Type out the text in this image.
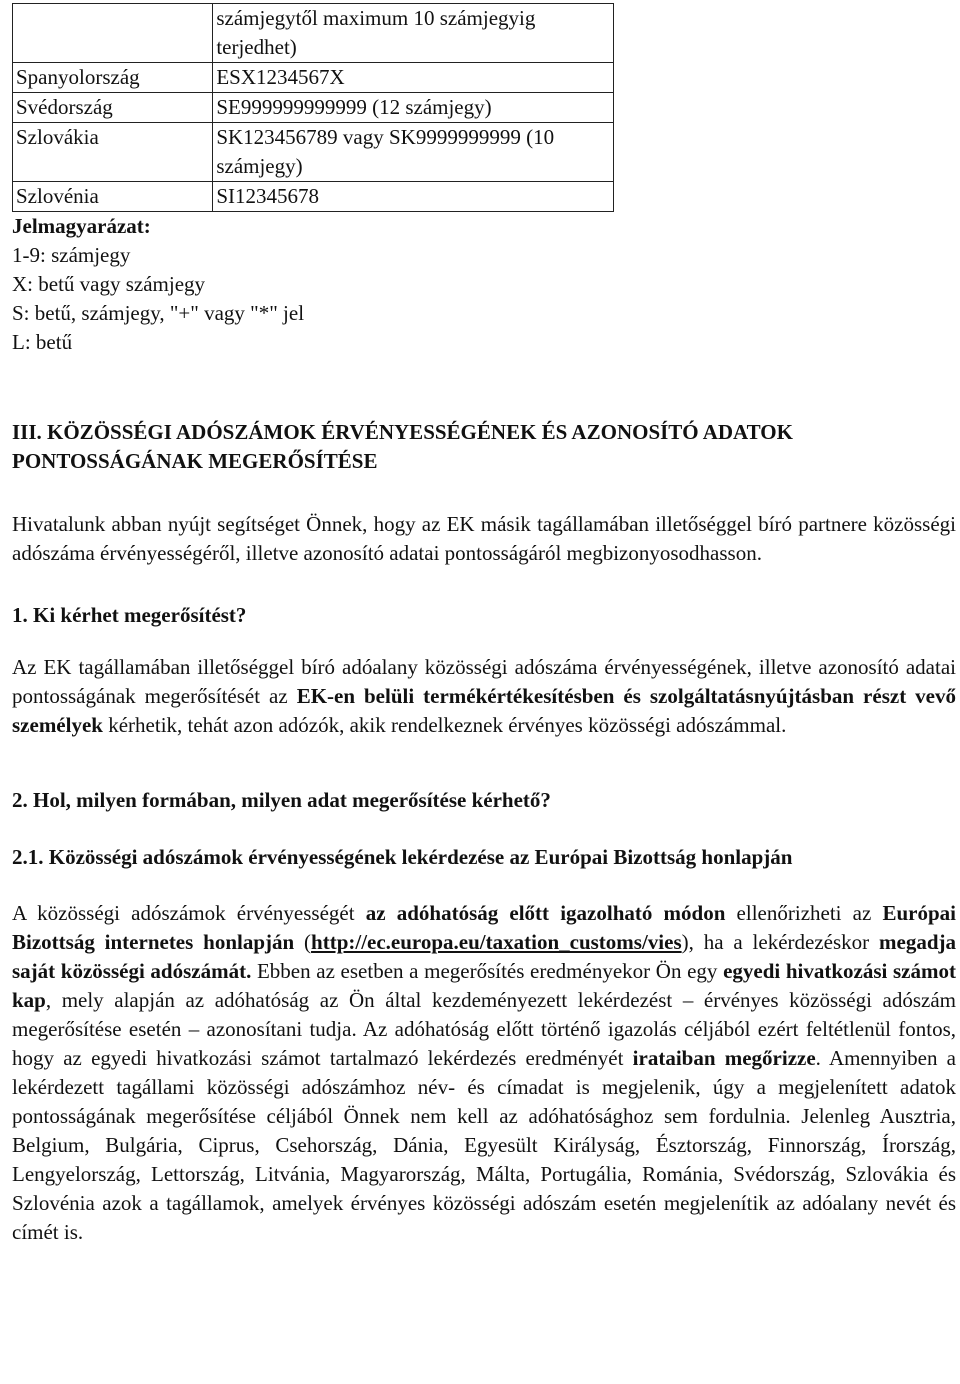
	számjegytől maximum 10 számjegyig terjedhet)
Spanyolország	ESX1234567X
Svédország	SE999999999999 (12 számjegy)
Szlovákia	SK123456789 vagy SK9999999999 (10 számjegy)
Szlovénia	SI12345678
Jelmagyarázat:
1-9: számjegy
X: betű vagy számjegy
S: betű, számjegy, "+" vagy "*" jel
L: betű
III. KÖZÖSSÉGI ADÓSZÁMOK ÉRVÉNYESSÉGÉNEK ÉS AZONOSÍTÓ ADATOK PONTOSSÁGÁNAK MEGERŐSÍTÉSE

Hivatalunk abban nyújt segítséget Önnek, hogy az EK másik tagállamában illetőséggel bíró partnere közösségi adószáma érvényességéről, illetve azonosító adatai pontosságáról megbizonyosodhasson.

1. Ki kérhet megerősítést?

Az EK tagállamában illetőséggel bíró adóalany közösségi adószáma érvényességének, illetve azonosító adatai pontosságának megerősítését az EK-en belüli termékértékesítésben és szolgáltatásnyújtásban részt vevő személyek kérhetik, tehát azon adózók, akik rendelkeznek érvényes közösségi adószámmal.

2. Hol, milyen formában, milyen adat megerősítése kérhető?
2.1. Közösségi adószámok érvényességének lekérdezése az Európai Bizottság honlapján

A közösségi adószámok érvényességét az adóhatóság előtt igazolható módon ellenőrizheti az Európai Bizottság internetes honlapján (http://ec.europa.eu/taxation_customs/vies), ha a lekérdezéskor megadja saját közösségi adószámát. Ebben az esetben a megerősítés eredményekor Ön egy egyedi hivatkozási számot kap, mely alapján az adóhatóság az Ön által kezdeményezett lekérdezést – érvényes közösségi adószám megerősítése esetén – azonosítani tudja. Az adóhatóság előtt történő igazolás céljából ezért feltétlenül fontos, hogy az egyedi hivatkozási számot tartalmazó lekérdezés eredményét irataiban megőrizze. Amennyiben a lekérdezett tagállami közösségi adószámhoz név- és címadat is megjelenik, úgy a megjelenített adatok pontosságának megerősítése céljából Önnek nem kell az adóhatósághoz sem fordulnia. Jelenleg Ausztria, Belgium, Bulgária, Ciprus, Csehország, Dánia, Egyesült Királyság, Észtország, Finnország, Írország, Lengyelország, Lettország, Litvánia, Magyarország, Málta, Portugália, Románia, Svédország, Szlovákia és Szlovénia azok a tagállamok, amelyek érvényes közösségi adószám esetén megjelenítik az adóalany nevét és címét is.
